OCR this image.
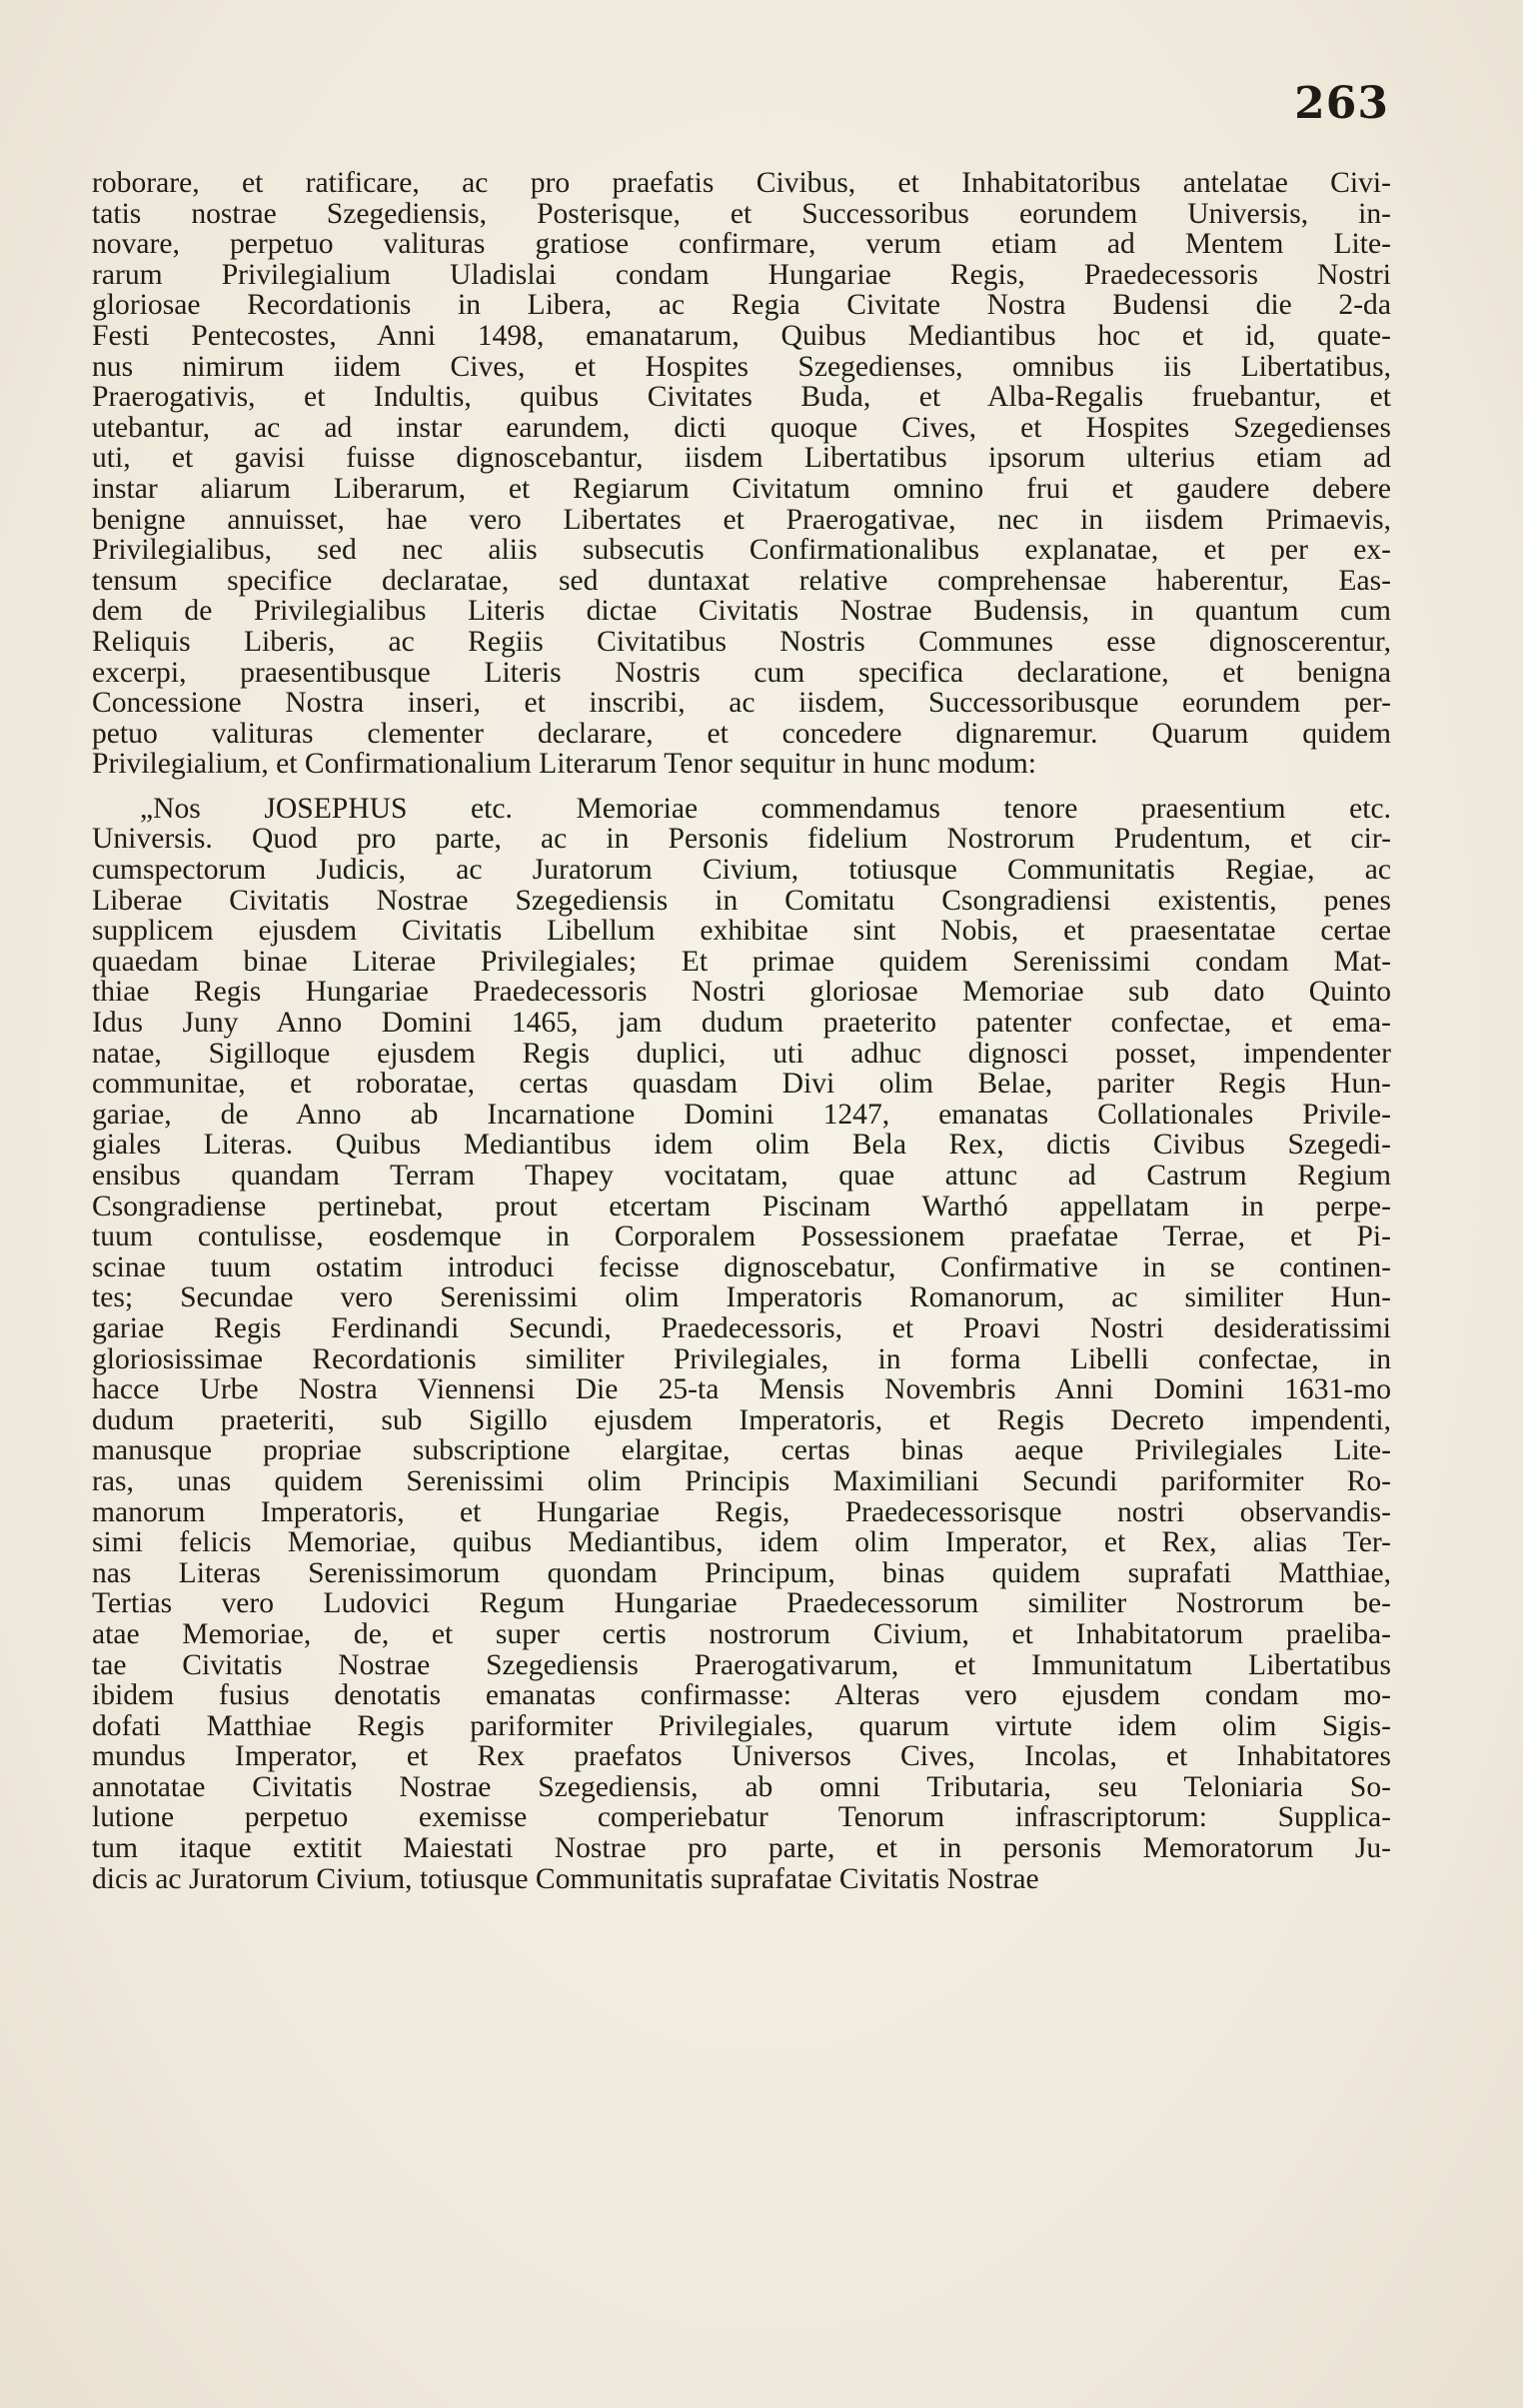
263
roborare, et ratificare, ac pro praefatis Civibus, et Inhabitatoribus antelatae Civi-
tatis nostrae Szegediensis, Posterisque, et Successoribus eorundem Universis, in-
novare, perpetuo valituras gratiose confirmare, verum etiam ad Mentem Lite-
rarum Privilegialium Uladislai condam Hungariae Regis, Praedecessoris Nostri
gloriosae Recordationis in Libera, ac Regia Civitate Nostra Budensi die 2-da
Festi Pentecostes, Anni 1498, emanatarum, Quibus Mediantibus hoc et id, quate-
nus nimirum iidem Cives, et Hospites Szegedienses, omnibus iis Libertatibus,
Praerogativis, et Indultis, quibus Civitates Buda, et Alba-Regalis fruebantur, et
utebantur, ac ad instar earundem, dicti quoque Cives, et Hospites Szegedienses
uti, et gavisi fuisse dignoscebantur, iisdem Libertatibus ipsorum ulterius etiam ad
instar aliarum Liberarum, et Regiarum Civitatum omnino frui et gaudere debere
benigne annuisset, hae vero Libertates et Praerogativae, nec in iisdem Primaevis,
Privilegialibus, sed nec aliis subsecutis Confirmationalibus explanatae, et per ex-
tensum specifice declaratae, sed duntaxat relative comprehensae haberentur, Eas-
dem de Privilegialibus Literis dictae Civitatis Nostrae Budensis, in quantum cum
Reliquis Liberis, ac Regiis Civitatibus Nostris Communes esse dignoscerentur,
excerpi, praesentibusque Literis Nostris cum specifica declaratione, et benigna
Concessione Nostra inseri, et inscribi, ac iisdem, Successoribusque eorundem per-
petuo valituras clementer declarare, et concedere dignaremur. Quarum quidem
Privilegialium, et Confirmationalium Literarum Tenor sequitur in hunc modum:
„Nos JOSEPHUS etc. Memoriae commendamus tenore praesentium etc.
Universis. Quod pro parte, ac in Personis fidelium Nostrorum Prudentum, et cir-
cumspectorum Judicis, ac Juratorum Civium, totiusque Communitatis Regiae, ac
Liberae Civitatis Nostrae Szegediensis in Comitatu Csongradiensi existentis, penes
supplicem ejusdem Civitatis Libellum exhibitae sint Nobis, et praesentatae certae
quaedam binae Literae Privilegiales; Et primae quidem Serenissimi condam Mat-
thiae Regis Hungariae Praedecessoris Nostri gloriosae Memoriae sub dato Quinto
Idus Juny Anno Domini 1465, jam dudum praeterito patenter confectae, et ema-
natae, Sigilloque ejusdem Regis duplici, uti adhuc dignosci posset, impendenter
communitae, et roboratae, certas quasdam Divi olim Belae, pariter Regis Hun-
gariae, de Anno ab Incarnatione Domini 1247, emanatas Collationales Privile-
giales Literas. Quibus Mediantibus idem olim Bela Rex, dictis Civibus Szegedi-
ensibus quandam Terram Thapey vocitatam, quae attunc ad Castrum Regium
Csongradiense pertinebat, prout etcertam Piscinam Warthó appellatam in perpe-
tuum contulisse, eosdemque in Corporalem Possessionem praefatae Terrae, et Pi-
scinae tuum ostatim introduci fecisse dignoscebatur, Confirmative in se continen-
tes; Secundae vero Serenissimi olim Imperatoris Romanorum, ac similiter Hun-
gariae Regis Ferdinandi Secundi, Praedecessoris, et Proavi Nostri desideratissimi
gloriosissimae Recordationis similiter Privilegiales, in forma Libelli confectae, in
hacce Urbe Nostra Viennensi Die 25-ta Mensis Novembris Anni Domini 1631-mo
dudum praeteriti, sub Sigillo ejusdem Imperatoris, et Regis Decreto impendenti,
manusque propriae subscriptione elargitae, certas binas aeque Privilegiales Lite-
ras, unas quidem Serenissimi olim Principis Maximiliani Secundi pariformiter Ro-
manorum Imperatoris, et Hungariae Regis, Praedecessorisque nostri observandis-
simi felicis Memoriae, quibus Mediantibus, idem olim Imperator, et Rex, alias Ter-
nas Literas Serenissimorum quondam Principum, binas quidem suprafati Matthiae,
Tertias vero Ludovici Regum Hungariae Praedecessorum similiter Nostrorum be-
atae Memoriae, de, et super certis nostrorum Civium, et Inhabitatorum praeliba-
tae Civitatis Nostrae Szegediensis Praerogativarum, et Immunitatum Libertatibus
ibidem fusius denotatis emanatas confirmasse: Alteras vero ejusdem condam mo-
dofati Matthiae Regis pariformiter Privilegiales, quarum virtute idem olim Sigis-
mundus Imperator, et Rex praefatos Universos Cives, Incolas, et Inhabitatores
annotatae Civitatis Nostrae Szegediensis, ab omni Tributaria, seu Teloniaria So-
lutione perpetuo exemisse comperiebatur Tenorum infrascriptorum: Supplica-
tum itaque extitit Maiestati Nostrae pro parte, et in personis Memoratorum Ju-
dicis ac Juratorum Civium, totiusque Communitatis suprafatae Civitatis Nostrae
